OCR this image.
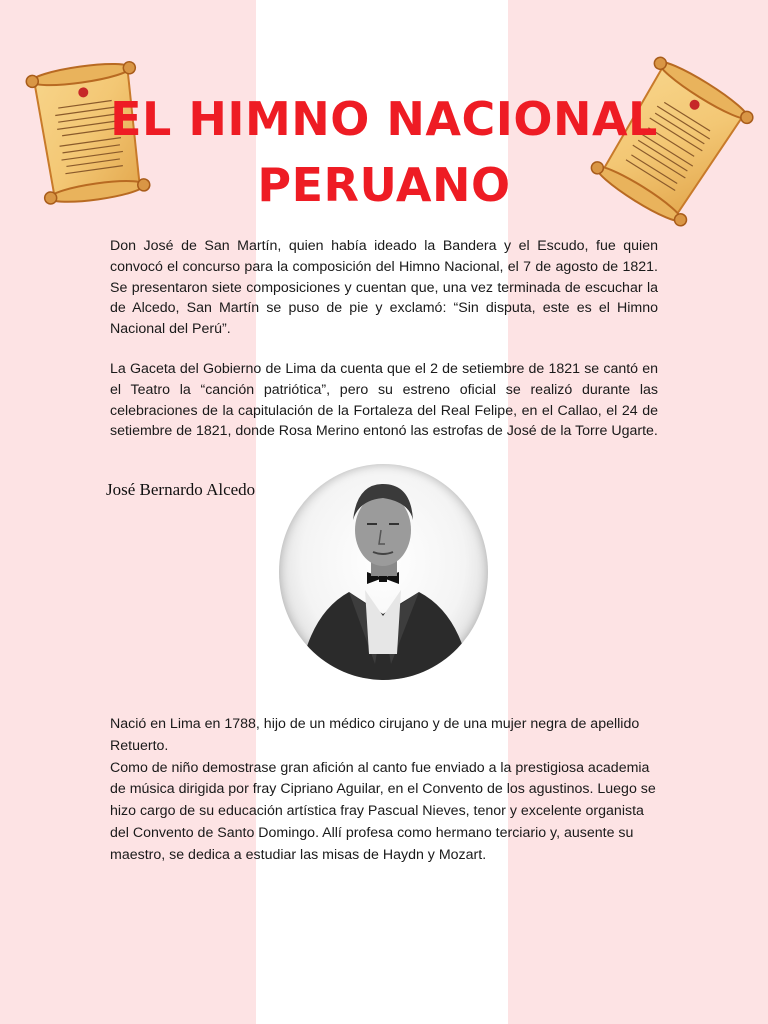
EL HIMNO NACIONAL
PERUANO

Don José de San Martín, quien había ideado la Bandera y el Escudo, fue quien convocó el concurso para la composición del Himno Nacional, el 7 de agosto de 1821. Se presentaron siete composiciones y cuentan que, una vez terminada de escuchar la de Alcedo, San Martín se puso de pie y exclamó: “Sin disputa, este es el Himno Nacional del Perú”.

La Gaceta del Gobierno de Lima da cuenta que el 2 de setiembre de 1821 se cantó en el Teatro la “canción patriótica”, pero su estreno oficial se realizó durante las celebraciones de la capitulación de la Fortaleza del Real Felipe, en el Callao, el 24 de setiembre de 1821, donde Rosa Merino entonó las estrofas de José de la Torre Ugarte.

José Bernardo Alcedo

Nació en Lima en 1788, hijo de un médico cirujano y de una mujer negra de apellido Retuerto.
Como de niño demostrase gran afición al canto fue enviado a la prestigiosa academia de música dirigida por fray Cipriano Aguilar, en el Convento de los agustinos. Luego se hizo cargo de su educación artística fray Pascual Nieves, tenor y excelente organista del Convento de Santo Domingo. Allí profesa como hermano terciario y, ausente su maestro, se dedica a estudiar las misas de Haydn y Mozart.
